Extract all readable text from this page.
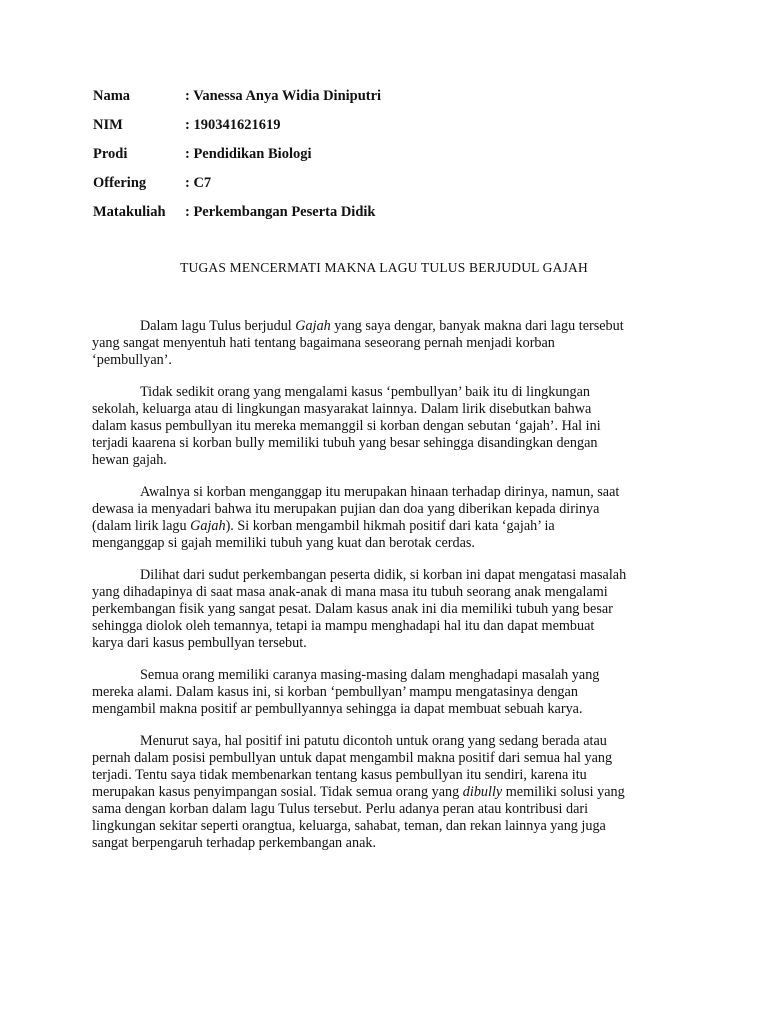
Nama	: Vanessa Anya Widia Diniputri
NIM	: 190341621619
Prodi	: Pendidikan Biologi
Offering	: C7
Matakuliah : Perkembangan Peserta Didik
TUGAS MENCERMATI MAKNA LAGU TULUS BERJUDUL GAJAH
Dalam lagu Tulus berjudul Gajah yang saya dengar, banyak makna dari lagu tersebut
yang sangat menyentuh hati tentang bagaimana seseorang pernah menjadi korban
‘pembullyan’.
Tidak sedikit orang yang mengalami kasus ‘pembullyan’ baik itu di lingkungan
sekolah, keluarga atau di lingkungan masyarakat lainnya. Dalam lirik disebutkan bahwa
dalam kasus pembullyan itu mereka memanggil si korban dengan sebutan ‘gajah’. Hal ini
terjadi kaarena si korban bully memiliki tubuh yang besar sehingga disandingkan dengan
hewan gajah.
Awalnya si korban menganggap itu merupakan hinaan terhadap dirinya, namun, saat
dewasa ia menyadari bahwa itu merupakan pujian dan doa yang diberikan kepada dirinya
(dalam lirik lagu Gajah). Si korban mengambil hikmah positif dari kata ‘gajah’ ia
menganggap si gajah memiliki tubuh yang kuat dan berotak cerdas.
Dilihat dari sudut perkembangan peserta didik, si korban ini dapat mengatasi masalah
yang dihadapinya di saat masa anak-anak di mana masa itu tubuh seorang anak mengalami
perkembangan fisik yang sangat pesat. Dalam kasus anak ini dia memiliki tubuh yang besar
sehingga diolok oleh temannya, tetapi ia mampu menghadapi hal itu dan dapat membuat
karya dari kasus pembullyan tersebut.
Semua orang memiliki caranya masing-masing dalam menghadapi masalah yang
mereka alami. Dalam kasus ini, si korban ‘pembullyan’ mampu mengatasinya dengan
mengambil makna positif ar pembullyannya sehingga ia dapat membuat sebuah karya.
Menurut saya, hal positif ini patutu dicontoh untuk orang yang sedang berada atau
pernah dalam posisi pembullyan untuk dapat mengambil makna positif dari semua hal yang
terjadi. Tentu saya tidak membenarkan tentang kasus pembullyan itu sendiri, karena itu
merupakan kasus penyimpangan sosial. Tidak semua orang yang dibully memiliki solusi yang
sama dengan korban dalam lagu Tulus tersebut. Perlu adanya peran atau kontribusi dari
lingkungan sekitar seperti orangtua, keluarga, sahabat, teman, dan rekan lainnya yang juga
sangat berpengaruh terhadap perkembangan anak.
